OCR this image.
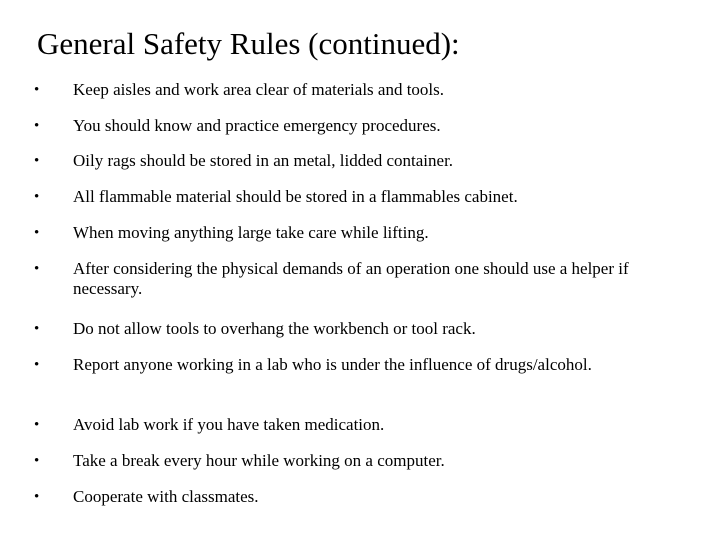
General Safety Rules (continued):
•	Keep aisles and work area clear of materials and tools.
•	You should know and practice emergency procedures.
•	Oily rags should be stored in an metal, lidded container.
•	All flammable material should be stored in a flammables cabinet.
•	When moving anything large take care while lifting.
•	After considering the physical demands of an operation one should use a helper if necessary.
•	Do not allow tools to overhang the workbench or tool rack.
•	Report anyone working in a lab who is under the influence of drugs/alcohol.
•	Avoid lab work if you have taken medication.
•	Take a break every hour while working on a computer.
•	Cooperate with classmates.
